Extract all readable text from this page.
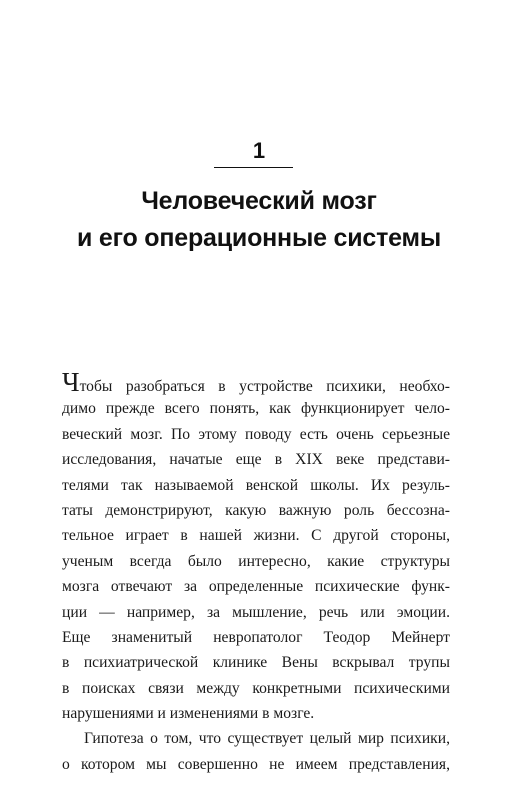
1
Человеческий мозг
и его операционные системы
Чтобы разобраться в устройстве психики, необхо-
димо прежде всего понять, как функционирует чело-
веческий мозг. По этому поводу есть очень серьезные
исследования, начатые еще в XIX веке представи-
телями так называемой венской школы. Их резуль-
таты демонстрируют, какую важную роль бессозна-
тельное играет в нашей жизни. С другой стороны,
ученым всегда было интересно, какие структуры
мозга отвечают за определенные психические функ-
ции — например, за мышление, речь или эмоции.
Еще знаменитый невропатолог Теодор Мейнерт
в психиатрической клинике Вены вскрывал трупы
в поисках связи между конкретными психическими
нарушениями и изменениями в мозге.
Гипотеза о том, что существует целый мир психики,
о котором мы совершенно не имеем представления,
